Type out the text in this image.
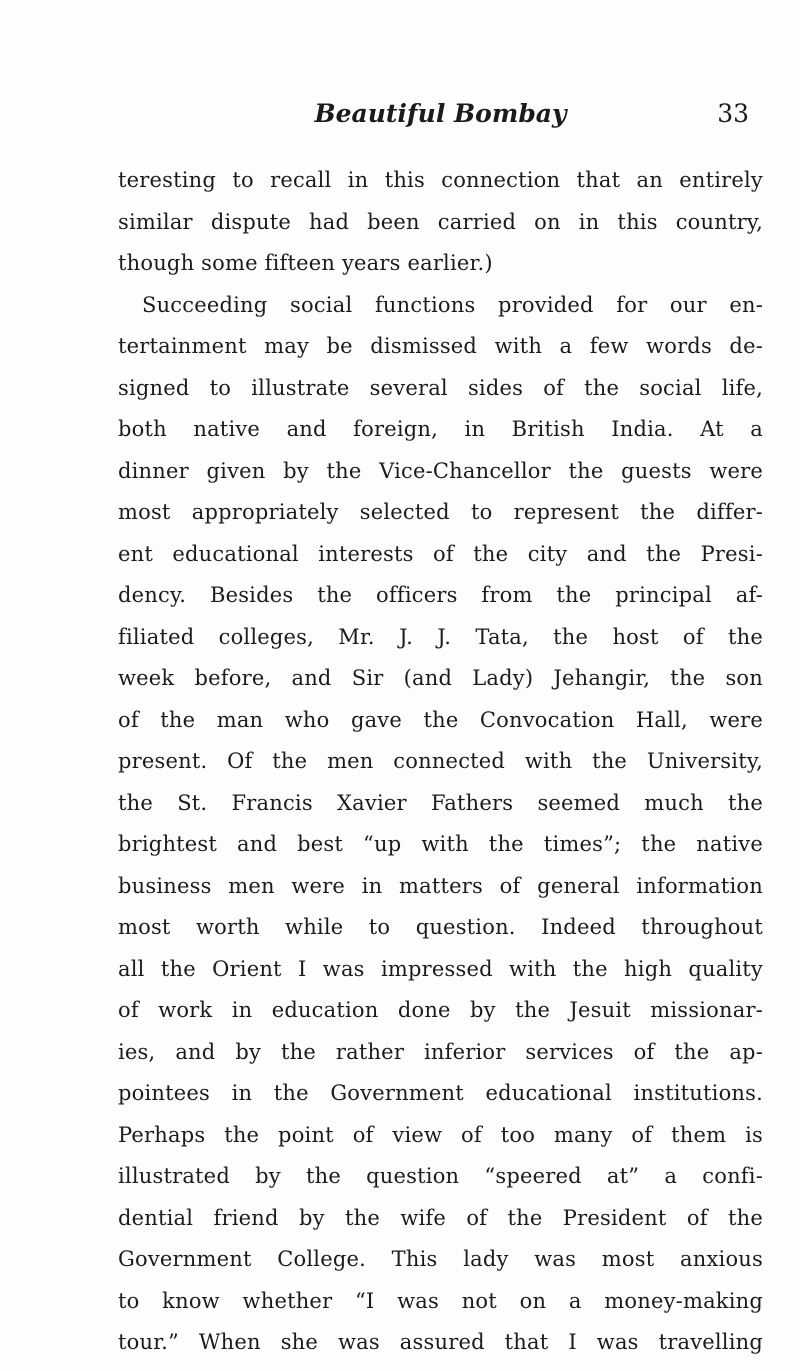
Beautiful Bombay	33
teresting to recall in this connection that an entirely
similar dispute had been carried on in this country,
though some fifteen years earlier.)
Succeeding social functions provided for our en-
tertainment may be dismissed with a few words de-
signed to illustrate several sides of the social life,
both native and foreign, in British India. At a
dinner given by the Vice-Chancellor the guests were
most appropriately selected to represent the differ-
ent educational interests of the city and the Presi-
dency. Besides the officers from the principal af-
filiated colleges, Mr. J. J. Tata, the host of the
week before, and Sir (and Lady) Jehangir, the son
of the man who gave the Convocation Hall, were
present. Of the men connected with the University,
the St. Francis Xavier Fathers seemed much the
brightest and best “up with the times”; the native
business men were in matters of general information
most worth while to question. Indeed throughout
all the Orient I was impressed with the high quality
of work in education done by the Jesuit missionar-
ies, and by the rather inferior services of the ap-
pointees in the Government educational institutions.
Perhaps the point of view of too many of them is
illustrated by the question “speered at” a confi-
dential friend by the wife of the President of the
Government College. This lady was most anxious
to know whether “I was not on a money-making
tour.” When she was assured that I was travelling
